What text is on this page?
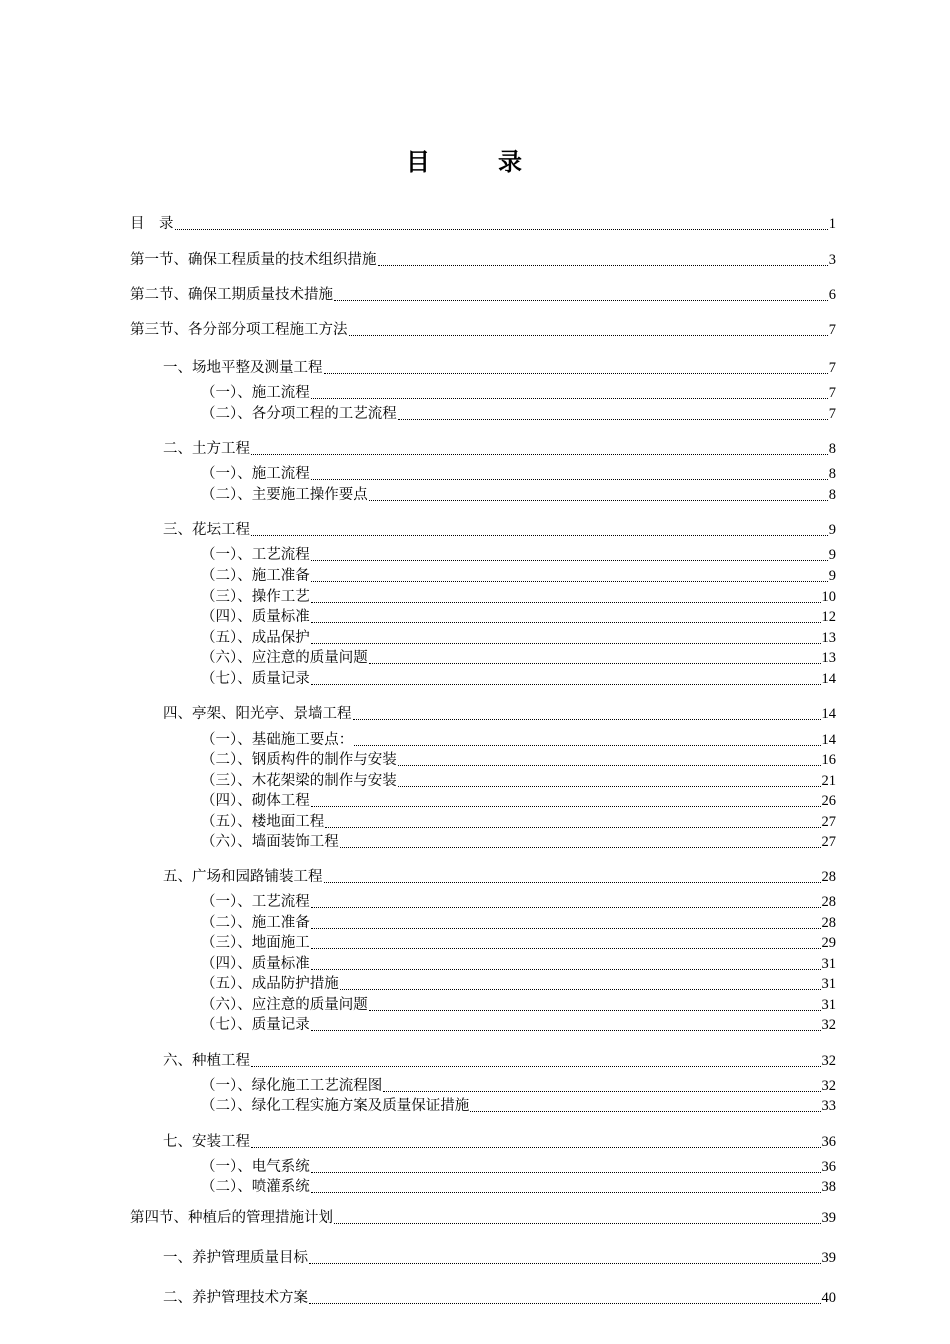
目　录
目　录	1
第一节、确保工程质量的技术组织措施	3
第二节、确保工期质量技术措施	6
第三节、各分部分项工程施工方法	7
一、场地平整及测量工程	7
（一）、施工流程	7
（二）、各分项工程的工艺流程	7
二、土方工程	8
（一）、施工流程	8
（二）、主要施工操作要点	8
三、花坛工程	9
（一）、工艺流程	9
（二）、施工准备	9
（三）、操作工艺	10
（四）、质量标准	12
（五）、成品保护	13
（六）、应注意的质量问题	13
（七）、质量记录	14
四、亭架、阳光亭、景墙工程	14
（一）、基础施工要点：	14
（二）、钢质构件的制作与安装	16
（三）、木花架梁的制作与安装	21
（四）、砌体工程	26
（五）、楼地面工程	27
（六）、墙面装饰工程	27
五、广场和园路铺装工程	28
（一）、工艺流程	28
（二）、施工准备	28
（三）、地面施工	29
（四）、质量标准	31
（五）、成品防护措施	31
（六）、应注意的质量问题	31
（七）、质量记录	32
六、种植工程	32
（一）、绿化施工工艺流程图	32
（二）、绿化工程实施方案及质量保证措施	33
七、安装工程	36
（一）、电气系统	36
（二）、喷灌系统	38
第四节、种植后的管理措施计划	39
一、养护管理质量目标	39
二、养护管理技术方案	40
